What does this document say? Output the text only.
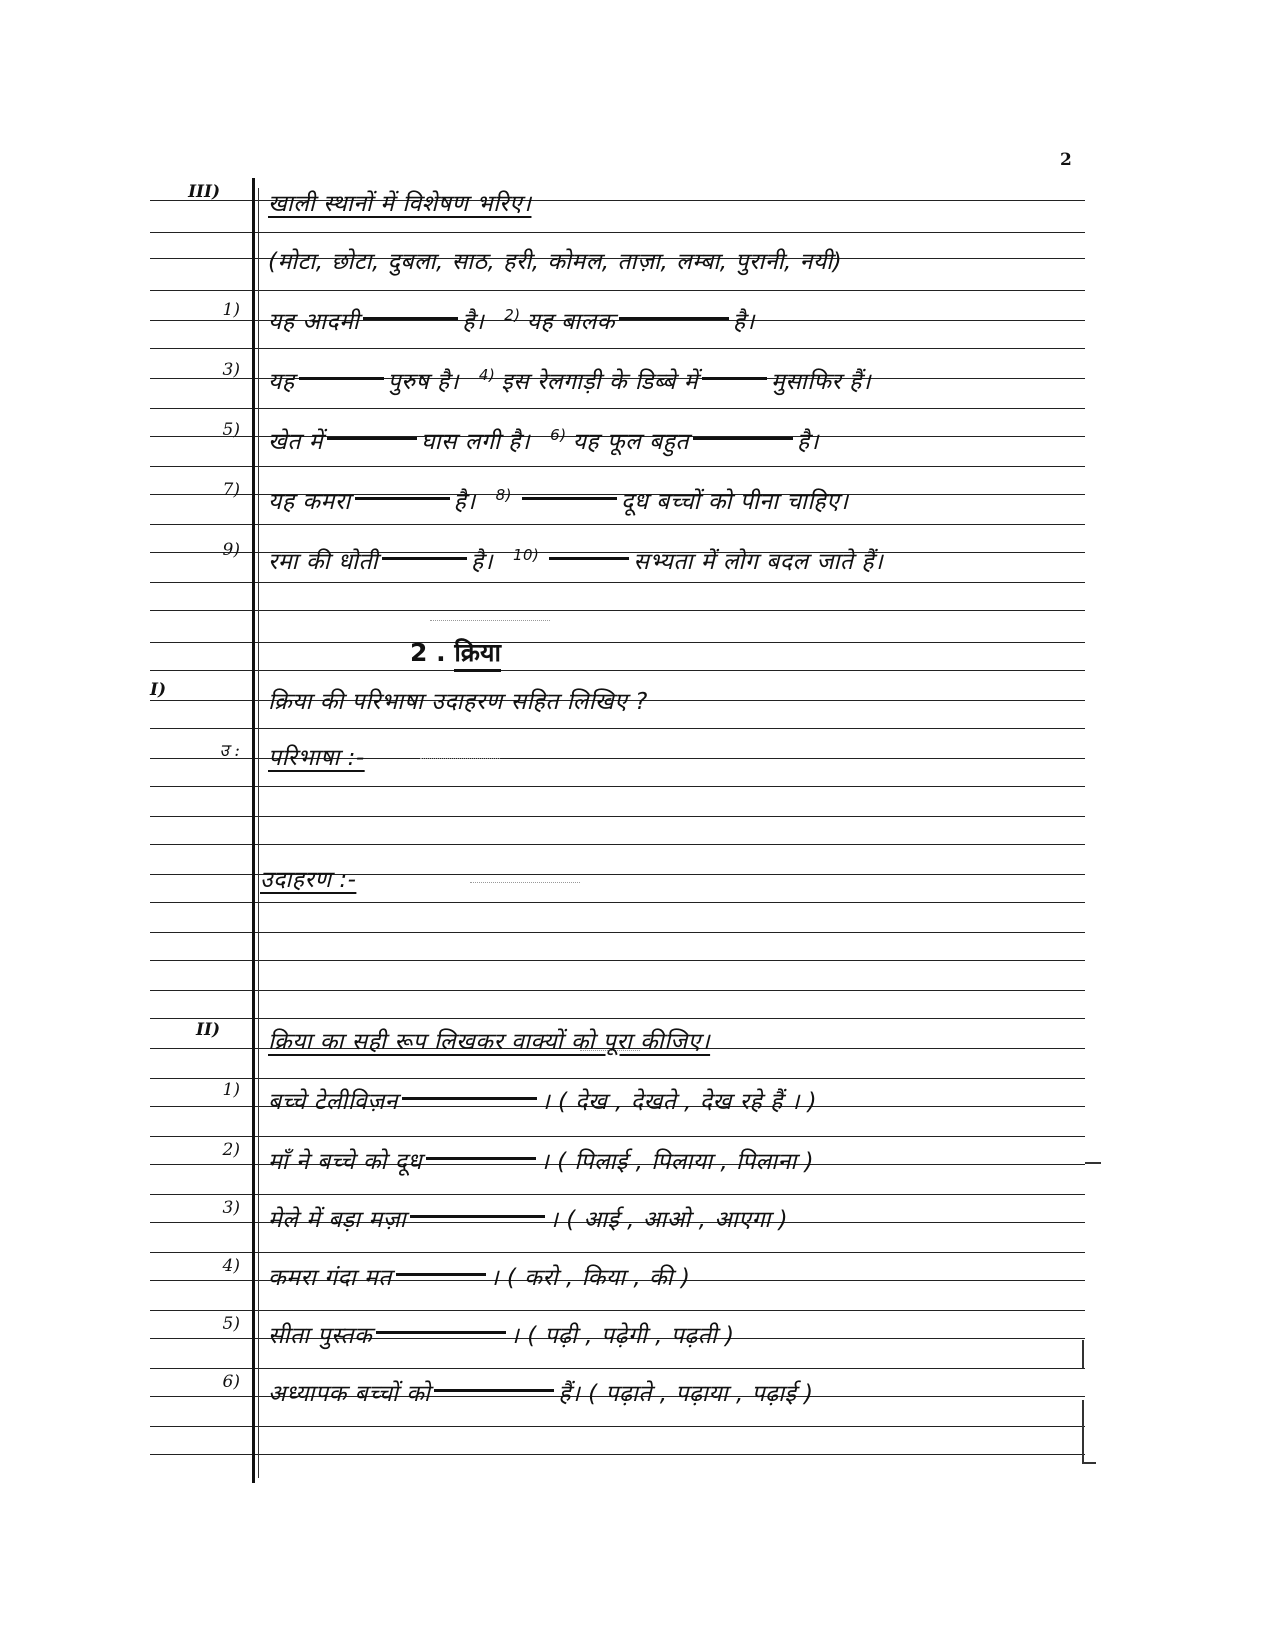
2
III) खाली स्थानों में विशेषण भरिए।
(मोटा, छोटा, दुबला, साठ, हरी, कोमल, ताज़ा, लम्बा, पुरानी, नयी)
1) यह आदमी	है। $^{2)}$ यह बालक	है।
3) यह	पुरुष है। $^{4)}$ इस रेलगाड़ी के डिब्बे में	मुसाफिर हैं।
5) खेत में	घास लगी है। $^{6)}$ यह फूल बहुत	है।
7) यह कमरा	है। $^{8)}$	दूध बच्चों को पीना चाहिए।
9) रमा की धोती	है। $^{10)}$	सभ्यता में लोग बदल जाते हैं।
2 . क्रिया
I)	क्रिया की परिभाषा उदाहरण सहित लिखिए ?
उ : परिभाषा :-
उदाहरण :-
II) क्रिया का सही रूप लिखकर वाक्यों को पूरा कीजिए।
1) बच्चे टेलीविज़न	। ( देख , देखते , देख रहे हैं । )
2) माँ ने बच्चे को दूध	। ( पिलाई , पिलाया , पिलाना )
3) मेले में बड़ा मज़ा	। ( आई , आओ , आएगा )
4) कमरा गंदा मत	। ( करो , किया , की )
5) सीता पुस्तक	। ( पढ़ी , पढ़ेगी , पढ़ती )
6) अध्यापक बच्चों को	हैं। ( पढ़ाते , पढ़ाया , पढ़ाई )
